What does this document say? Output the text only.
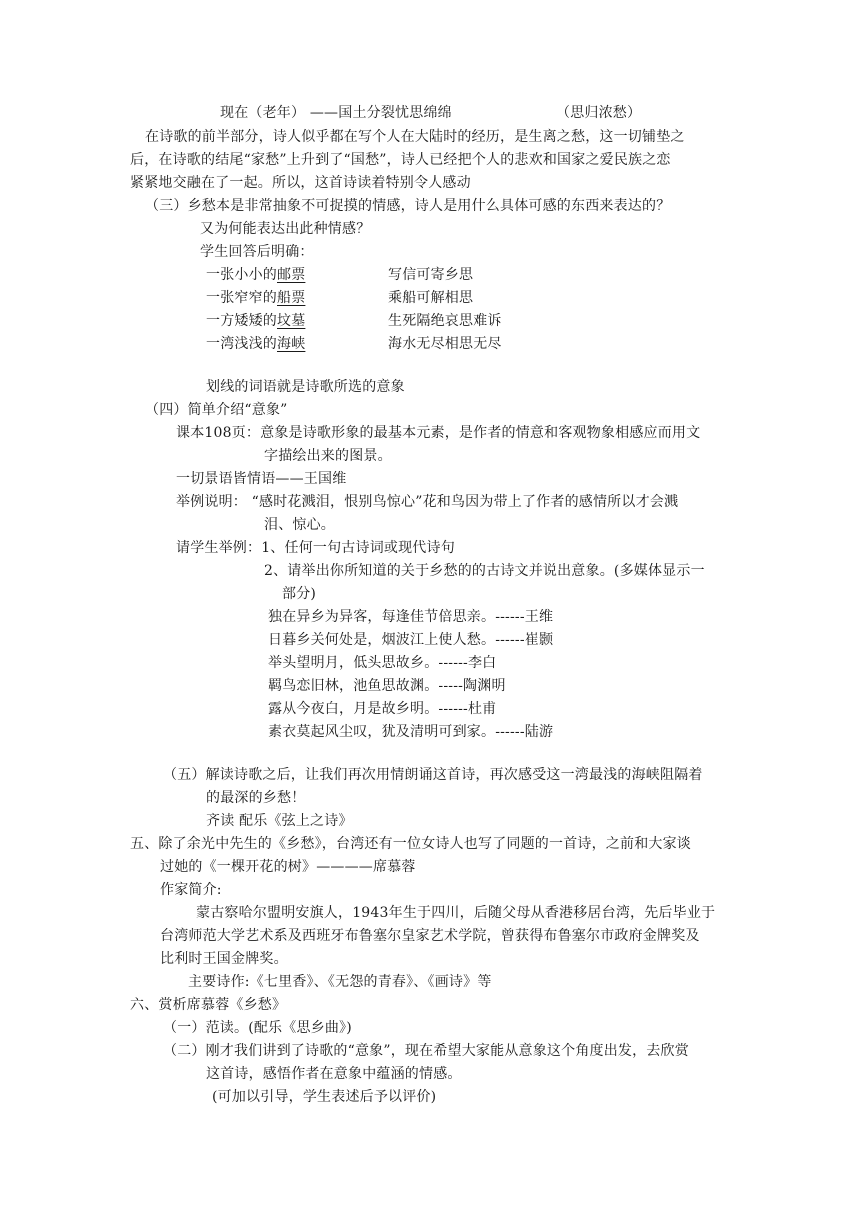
现在（老年） ——国土分裂忧思绵绵	（思归浓愁）
在诗歌的前半部分，诗人似乎都在写个人在大陆时的经历，是生离之愁，这一切铺垫之
后，在诗歌的结尾“家愁”上升到了“国愁”，诗人已经把个人的悲欢和国家之爱民族之恋
紧紧地交融在了一起。所以，这首诗读着特别令人感动
（三）乡愁本是非常抽象不可捉摸的情感，诗人是用什么具体可感的东西来表达的？
又为何能表达出此种情感？
学生回答后明确：
一张小小的邮票	写信可寄乡思
一张窄窄的船票	乘船可解相思
一方矮矮的坟墓	生死隔绝哀思难诉
一湾浅浅的海峡	海水无尽相思无尽
划线的词语就是诗歌所选的意象
（四）简单介绍“意象”
课本108页：意象是诗歌形象的最基本元素，是作者的情意和客观物象相感应而用文
字描绘出来的图景。
一切景语皆情语——王国维
举例说明： “感时花溅泪，恨别鸟惊心”花和鸟因为带上了作者的感情所以才会溅
泪、惊心。
请学生举例：1、任何一句古诗词或现代诗句
2、请举出你所知道的关于乡愁的的古诗文并说出意象。(多媒体显示一
部分)
独在异乡为异客，每逢佳节倍思亲。------王维
日暮乡关何处是，烟波江上使人愁。------崔颢
举头望明月，低头思故乡。------李白
羁鸟恋旧林，池鱼思故渊。-----陶渊明
露从今夜白，月是故乡明。------杜甫
素衣莫起风尘叹，犹及清明可到家。------陆游
（五）解读诗歌之后，让我们再次用情朗诵这首诗，再次感受这一湾最浅的海峡阻隔着
的最深的乡愁！
齐读 配乐《弦上之诗》
五、除了余光中先生的《乡愁》，台湾还有一位女诗人也写了同题的一首诗，之前和大家谈
过她的《一棵开花的树》————席慕蓉
作家简介:
蒙古察哈尔盟明安旗人，1943年生于四川，后随父母从香港移居台湾，先后毕业于
台湾师范大学艺术系及西班牙布鲁塞尔皇家艺术学院，曾获得布鲁塞尔市政府金牌奖及
比利时王国金牌奖。
主要诗作:《七里香》、《无怨的青春》、《画诗》等
六、赏析席慕蓉《乡愁》
（一）范读。(配乐《思乡曲》)
（二）刚才我们讲到了诗歌的“意象”，现在希望大家能从意象这个角度出发，去欣赏
这首诗，感悟作者在意象中蕴涵的情感。
(可加以引导，学生表述后予以评价)
